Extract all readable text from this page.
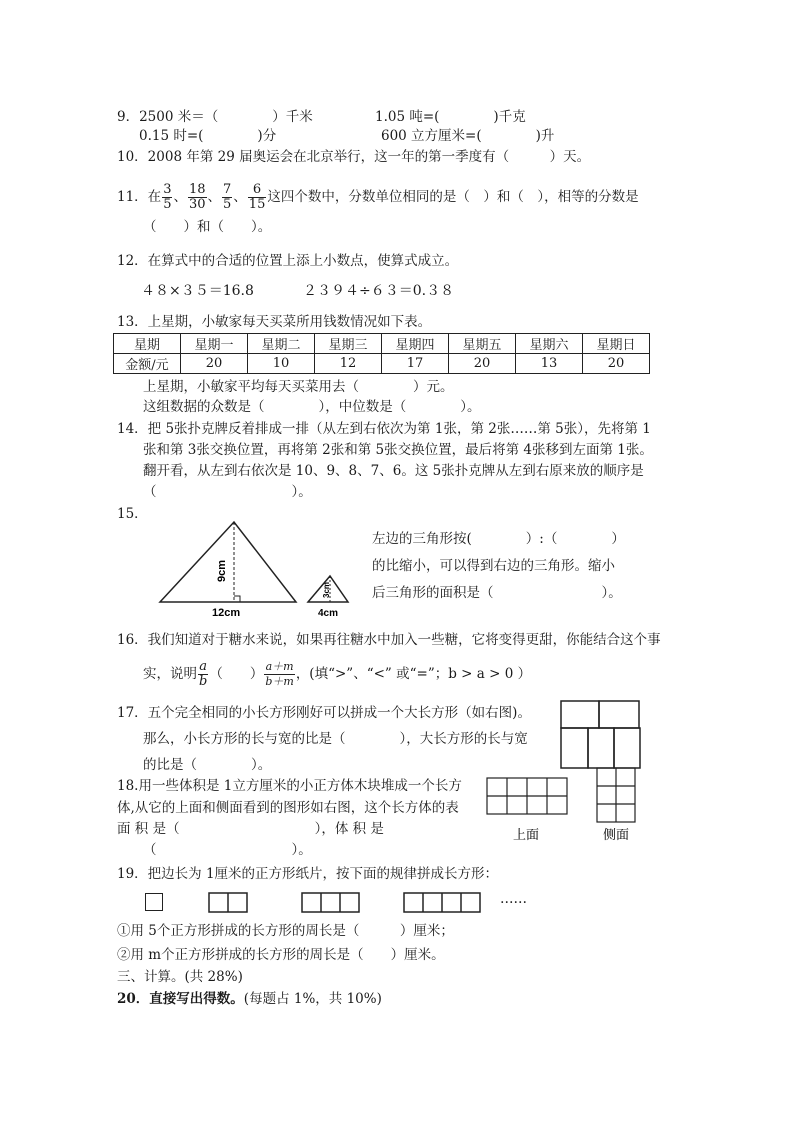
9．2500 米＝（　　　　）千米	1.05 吨=(　　　　)千克
0.15 时=(　　　　)分	600 立方厘米=(　　　　)升
10．2008 年第 29 届奥运会在北京举行，这一年的第一季度有（　　　）天。
11．在 $\frac{3}{5}$ 、 $\frac{18}{30}$ 、 $\frac{7}{5}$ 、 $\frac{6}{15}$ 这四个数中，分数单位相同的是（　）和（　），相等的分数是
（　　）和（　　）。
12．在算式中的合适的位置上添上小数点，使算式成立。
４８×３５＝16.8	２３９４÷６３＝0.３８
13．上星期，小敏家每天买菜所用钱数情况如下表。
星期	星期一	星期二	星期三	星期四	星期五	星期六	星期日
金额/元	20	10	12	17	20	13	20
上星期，小敏家平均每天买菜用去（　　　　）元。
这组数据的众数是（　　　　），中位数是（　　　　）。
14．把 5张扑克牌反着排成一排（从左到右依次为第 1张，第 2张……第 5张），先将第 1
张和第 3张交换位置，再将第 2张和第 5张交换位置，最后将第 4张移到左面第 1张。
翻开看，从左到右依次是 10、9、8、7、6。这 5张扑克牌从左到右原来放的顺序是
（　　　　　　　　　　）。
15．
9cm
12cm
3cm
4cm
左边的三角形按(　　　　）:（　　　　）
的比缩小，可以得到右边的三角形。缩小
后三角形的面积是（　　　　　　　　）。
16．我们知道对于糖水来说，如果再往糖水中加入一些糖，它将变得更甜，你能结合这个事
实，说明 $\frac{a}{b}$ （　　） $\frac{a+m}{b+m}$ ，(填“>”、“<” 或“=”；b > a > 0 ）
17．五个完全相同的小长方形刚好可以拼成一个大长方形（如右图)。
那么，小长方形的长与宽的比是（　　　　），大长方形的长与宽
的比是（　　　　）。
18.用一些体积是 1立方厘米的小正方体木块堆成一个长方
体,从它的上面和侧面看到的图形如右图，这个长方体的表
面 积 是（　　　　　　　　　　），体 积 是
（　　　　　　　　　　）。
上面	侧面
19．把边长为 1厘米的正方形纸片，按下面的规律拼成长方形：
……
①用 5个正方形拼成的长方形的周长是（　　　）厘米；
②用 m个正方形拼成的长方形的周长是（　　）厘米。
三、计算。(共 28%)
20．直接写出得数。(每题占 1%，共 10%)
